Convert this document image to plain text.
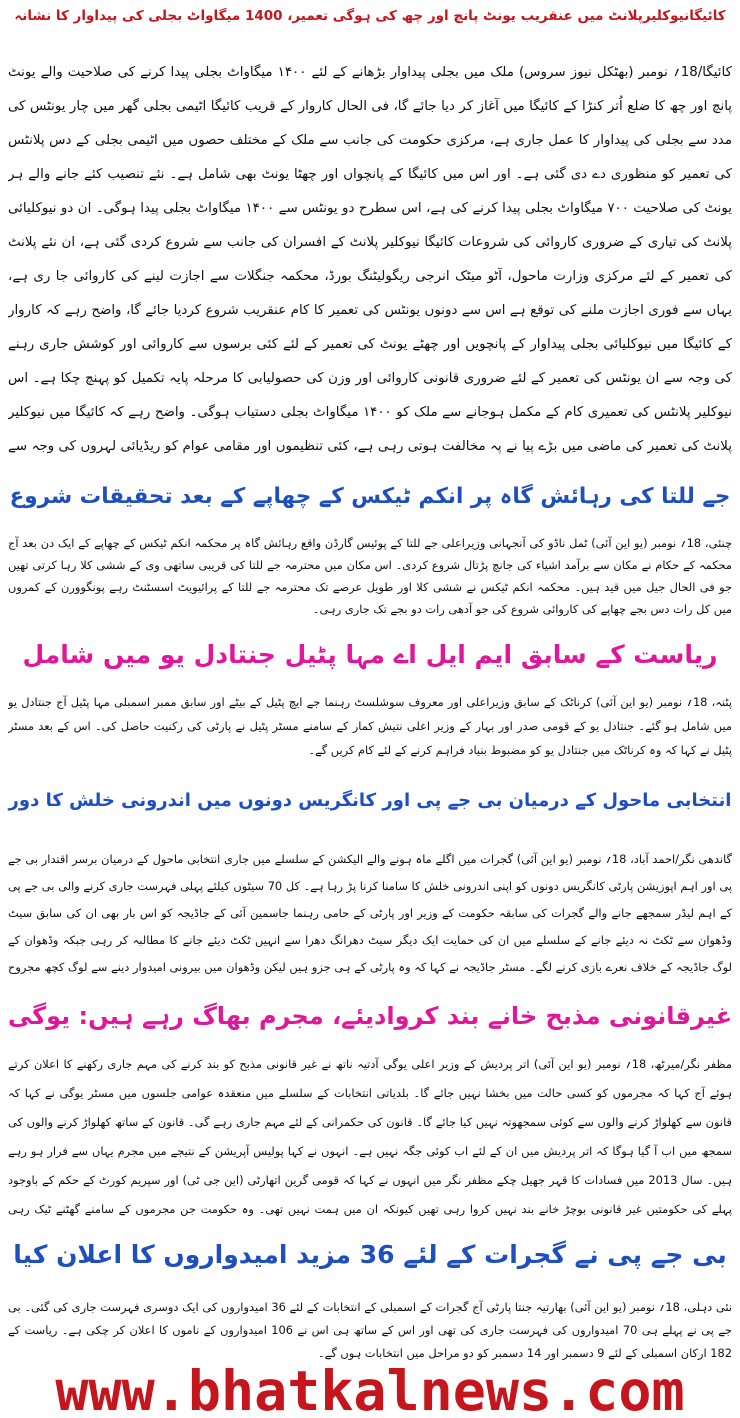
کائیگانیوکلیرپلانٹ میں عنقریب یونٹ پانچ اور چھ کی ہوگی تعمیر، 1400 میگاواٹ بجلی کی پیداوار کا نشانہ

کائیگا/18؍ نومبر (بھٹکل نیوز سروس) ملک میں بجلی پیداوار بڑھانے کے لئے ۱۴۰۰ میگاواٹ بجلی پیدا کرنے کی صلاحیت والے یونٹ پانچ اور چھ کا ضلع اُتر کنڑا کے کائیگا میں آغاز کر دیا جائے گا، فی الحال کاروار کے قریب کائیگا اٹیمی بجلی گھر میں چار یونٹس کی مدد سے بجلی کی پیداوار کا عمل جاری ہے، مرکزی حکومت کی جانب سے ملک کے مختلف حصوں میں اٹیمی بجلی کے دس پلانٹس کی تعمیر کو منظوری دے دی گئی ہے۔ اور اس میں کائیگا کے پانچواں اور چھٹا یونٹ بھی شامل ہے۔ نئے تنصیب کئے جانے والے ہر یونٹ کی صلاحیت ۷۰۰ میگاواٹ بجلی پیدا کرنے کی ہے، اس سطرح دو یونٹس سے ۱۴۰۰ میگاواٹ بجلی پیدا ہوگی۔ ان دو نیوکلیائی پلانٹ کی تیاری کے ضروری کاروائی کی شروعات کائیگا نیوکلیر پلانٹ کے افسران کی جانب سے شروع کردی گئی ہے، ان نئے پلانٹ کی تعمیر کے لئے مرکزی وزارت ماحول، آٹو میٹک انرجی ریگولیٹنگ بورڈ، محکمہ جنگلات سے اجازت لینے کی کاروائی جا ری ہے، یہاں سے فوری اجازت ملنے کی توقع ہے اس سے دونوں یونٹس کی تعمیر کا کام عنقریب شروع کردیا جائے گا، واضح رہے کہ کاروار کے کائیگا میں نیوکلیائی بجلی پیداوار کے پانچویں اور چھٹے یونٹ کی تعمیر کے لئے کئی برسوں سے کاروائی اور کوشش جاری رہنے کی وجہ سے ان یونٹس کی تعمیر کے لئے ضروری قانونی کاروائی اور وزن کی حصولیابی کا مرحلہ پایہ تکمیل کو پہنچ چکا ہے۔ اس نیوکلیر پلانٹس کی تعمیری کام کے مکمل ہوجانے سے ملک کو ۱۴۰۰ میگاواٹ بجلی دستیاب ہوگی۔ واضح رہے کہ کائیگا میں نیوکلیر پلانٹ کی تعمیر کی ماضی میں بڑے پیا نے پہ مخالفت ہوتی رہی ہے، کئی تنظیموں اور مقامی عوام کو ریڈیائی لہروں کی وجہ سے

جے للتا کی رہائش گاہ پر انکم ٹیکس کے چھاپے کے بعد تحقیقات شروع

چنئی، 18؍ نومبر (یو این آئی) ٹمل ناڈو کی آنجہانی وزیراعلی جے للتا کے پوئیس گارڈن واقع رہائش گاہ پر محکمہ انکم ٹیکس کے چھاپے کے ایک دن بعد آج محکمہ کے حکام نے مکان سے برآمد اشیاء کی جانچ پڑتال شروع کردی۔ اس مکان میں محترمہ جے للتا کی قریبی ساتھی وی کے ششی کلا رہا کرتی تھیں جو فی الحال جیل میں قید ہیں۔ محکمہ انکم ٹیکس نے ششی کلا اور طویل عرصے تک محترمہ جے للتا کے پرائیویٹ اسسٹنٹ رہے پونگوورن کے کمروں میں کل رات دس بجے چھاپے کی کاروائی شروع کی جو آدھی رات دو بجے تک جاری رہی۔

ریاست کے سابق ایم ایل اے مہا پٹیل جنتادل یو میں شامل

پٹنہ، 18؍ نومبر (یو این آئی) کرناٹک کے سابق وزیراعلی اور معروف سوشلسٹ رہنما جے ایچ پٹیل کے بیٹے اور سابق ممبر اسمبلی مہا پٹیل آج جنتادل یو میں شامل ہو گئے۔ جنتادل یو کے قومی صدر اور بہار کے وزیر اعلی نتیش کمار کے سامنے مسٹر پٹیل نے پارٹی کی رکنیت حاصل کی۔ اس کے بعد مسٹر پٹیل نے کہا کہ وہ کرناٹک میں جنتادل یو کو مضبوط بنیاد فراہم کرنے کے لئے کام کریں گے۔

انتخابی ماحول کے درمیان بی جے پی اور کانگریس دونوں میں اندرونی خلش کا دور

گاندھی نگر/احمد آباد، 18؍ نومبر (یو این آئی) گجرات میں اگلے ماہ ہونے والے الیکشن کے سلسلے میں جاری انتخابی ماحول کے درمیان برسر اقتدار بی جے پی اور اہم اپوزیشن پارٹی کانگریس دونوں کو اپنی اندرونی خلش کا سامنا کرنا پڑ رہا ہے۔ کل 70 سیٹوں کیلئے پہلی فہرست جاری کرنے والی بی جے پی کے اہم لیڈر سمجھے جانے والے گجرات کی سابقہ حکومت کے وزیر اور پارٹی کے حامی رہنما جاسمین آئی کے جاڈیجہ کو اس بار بھی ان کی سابق سیٹ وڈھوان سے ٹکٹ نہ دیئے جانے کے سلسلے میں ان کی حمایت ایک دیگر سیٹ دھرانگ دھرا سے انہیں ٹکٹ دیئے جانے کا مطالبہ کر رہی جبکہ وڈھوان کے لوگ جاڈیجہ کے خلاف نعرے بازی کرنے لگے۔ مسٹر جاڈیجہ نے کہا کہ وہ پارٹی کے ہی جزو ہیں لیکن وڈھوان میں بیرونی امیدوار دینے سے لوگ کچھ مجروح

غیرقانونی مذبح خانے بند کروادیئے، مجرم بھاگ رہے ہیں: یوگی

مظفر نگر/میرٹھ، 18؍ نومبر (یو این آئی) اتر پردیش کے وزیر اعلی یوگی آدتیہ ناتھ نے غیر قانونی مذبح کو بند کرنے کی مہم جاری رکھنے کا اعلان کرتے ہوئے آج کہا کہ مجرموں کو کسی حالت میں بخشا نہیں جائے گا۔ بلدیاتی انتخابات کے سلسلے میں منعقدہ عوامی جلسوں میں مسٹر یوگی نے کہا کہ قانون سے کھلواڑ کرنے والوں سے کوئی سمجھوتہ نہیں کیا جائے گا۔ قانون کی حکمرانی کے لئے مہم جاری رہے گی۔ قانون کے ساتھ کھلواڑ کرنے والوں کی سمجھ میں اب آ گیا ہوگا کہ اتر پردیش میں ان کے لئے اب کوئی جگہ نہیں ہے۔ انہوں نے کہا پولیس آپریشن کے نتیجے میں مجرم یہاں سے فرار ہو رہے ہیں۔ سال 2013 میں فسادات کا قہر جھیل چکے مظفر نگر میں انہوں نے کہا کہ قومی گرین اتھارٹی (این جی ٹی) اور سپریم کورٹ کے حکم کے باوجود پہلے کی حکومتیں غیر قانونی بوچڑ خانے بند نہیں کروا رہی تھیں کیونکہ ان میں ہمت نہیں تھی۔ وہ حکومت جن مجرموں کے سامنے گھٹنے ٹیک رہی

بی جے پی نے گجرات کے لئے 36 مزید امیدواروں کا اعلان کیا

نئی دہلی، 18؍ نومبر (یو این آئی) بھارتیہ جنتا پارٹی آج گجرات کے اسمبلی کے انتخابات کے لئے 36 امیدواروں کی ایک دوسری فہرست جاری کی گئی۔ بی جے پی نے پہلے ہی 70 امیدواروں کی فہرست جاری کی تھی اور اس کے ساتھ ہی اس نے 106 امیدواروں کے ناموں کا اعلان کر چکی ہے۔ ریاست کے 182 ارکان اسمبلی کے لئے 9 دسمبر اور 14 دسمبر کو دو مراحل میں انتخابات ہوں گے۔

www.bhatkalnews.com
